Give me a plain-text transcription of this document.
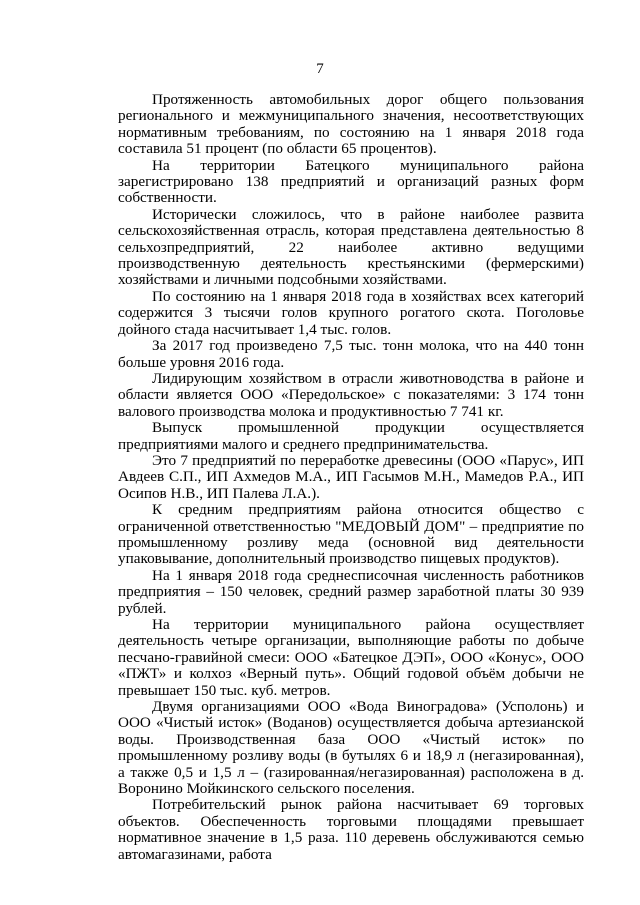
7

Протяженность автомобильных дорог общего пользования регионального и межмуниципального значения, несоответствующих нормативным требованиям, по состоянию на 1 января 2018 года составила 51 процент (по области 65 процентов).

На территории Батецкого муниципального района зарегистрировано 138 предприятий и организаций разных форм собственности.

Исторически сложилось, что в районе наиболее развита сельскохозяйственная отрасль, которая представлена деятельностью 8 сельхозпредприятий, 22 наиболее активно ведущими производственную деятельность крестьянскими (фермерскими) хозяйствами и личными подсобными хозяйствами.

По состоянию на 1 января 2018 года в хозяйствах всех категорий содержится 3 тысячи голов крупного рогатого скота. Поголовье дойного стада насчитывает 1,4 тыс. голов.

За 2017 год произведено 7,5 тыс. тонн молока, что на 440 тонн больше уровня 2016 года.

Лидирующим хозяйством в отрасли животноводства в районе и области является ООО «Передольское» с показателями: 3 174 тонн валового производства молока и продуктивностью 7 741 кг.

Выпуск промышленной продукции осуществляется предприятиями малого и среднего предпринимательства.

Это 7 предприятий по переработке древесины (ООО «Парус», ИП Авдеев С.П., ИП Ахмедов М.А., ИП Гасымов М.Н., Мамедов Р.А., ИП Осипов Н.В., ИП Палева Л.А.).

К средним предприятиям района относится общество с ограниченной ответственностью "МЕДОВЫЙ ДОМ" – предприятие по промышленному розливу меда (основной вид деятельности упаковывание, дополнительный производство пищевых продуктов).

На 1 января 2018 года среднесписочная численность работников предприятия – 150 человек, средний размер заработной платы 30 939 рублей.

На территории муниципального района осуществляет деятельность четыре организации, выполняющие работы по добыче песчано-гравийной смеси: ООО «Батецкое ДЭП», ООО «Конус», ООО «ПЖТ» и колхоз «Верный путь». Общий годовой объём добычи не превышает 150 тыс. куб. метров.

Двумя организациями ООО «Вода Виноградова» (Усполонь) и ООО «Чистый исток» (Воданов) осуществляется добыча артезианской воды. Производственная база ООО «Чистый исток» по промышленному розливу воды (в бутылях 6 и 18,9 л (негазированная), а также 0,5 и 1,5 л – (газированная/негазированная) расположена в д. Воронино Мойкинского сельского поселения.

Потребительский рынок района насчитывает 69 торговых объектов. Обеспеченность торговыми площадями превышает нормативное значение в 1,5 раза. 110 деревень обслуживаются семью автомагазинами, работа
